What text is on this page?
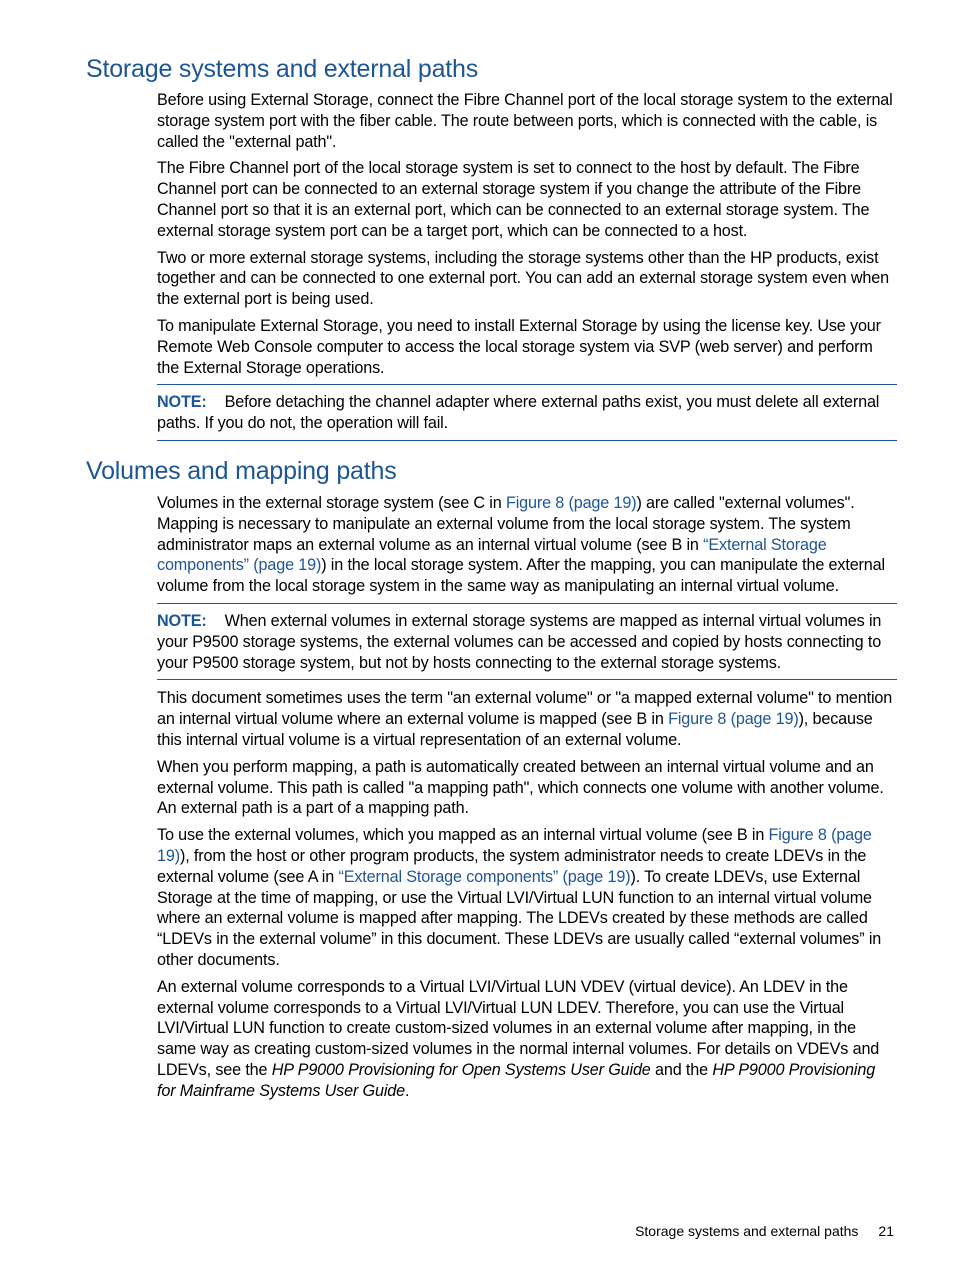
Storage systems and external paths

Before using External Storage, connect the Fibre Channel port of the local storage system to the external storage system port with the fiber cable. The route between ports, which is connected with the cable, is called the "external path".

The Fibre Channel port of the local storage system is set to connect to the host by default. The Fibre Channel port can be connected to an external storage system if you change the attribute of the Fibre Channel port so that it is an external port, which can be connected to an external storage system. The external storage system port can be a target port, which can be connected to a host.

Two or more external storage systems, including the storage systems other than the HP products, exist together and can be connected to one external port. You can add an external storage system even when the external port is being used.

To manipulate External Storage, you need to install External Storage by using the license key. Use your Remote Web Console computer to access the local storage system via SVP (web server) and perform the External Storage operations.

NOTE: Before detaching the channel adapter where external paths exist, you must delete all external paths. If you do not, the operation will fail.

Volumes and mapping paths

Volumes in the external storage system (see C in Figure 8 (page 19)) are called "external volumes". Mapping is necessary to manipulate an external volume from the local storage system. The system administrator maps an external volume as an internal virtual volume (see B in “External Storage components” (page 19)) in the local storage system. After the mapping, you can manipulate the external volume from the local storage system in the same way as manipulating an internal virtual volume.

NOTE: When external volumes in external storage systems are mapped as internal virtual volumes in your P9500 storage systems, the external volumes can be accessed and copied by hosts connecting to your P9500 storage system, but not by hosts connecting to the external storage systems.

This document sometimes uses the term "an external volume" or "a mapped external volume" to mention an internal virtual volume where an external volume is mapped (see B in Figure 8 (page 19)), because this internal virtual volume is a virtual representation of an external volume.

When you perform mapping, a path is automatically created between an internal virtual volume and an external volume. This path is called "a mapping path", which connects one volume with another volume. An external path is a part of a mapping path.

To use the external volumes, which you mapped as an internal virtual volume (see B in Figure 8 (page 19)), from the host or other program products, the system administrator needs to create LDEVs in the external volume (see A in “External Storage components” (page 19)). To create LDEVs, use External Storage at the time of mapping, or use the Virtual LVI/Virtual LUN function to an internal virtual volume where an external volume is mapped after mapping. The LDEVs created by these methods are called “LDEVs in the external volume” in this document. These LDEVs are usually called “external volumes” in other documents.

An external volume corresponds to a Virtual LVI/Virtual LUN VDEV (virtual device). An LDEV in the external volume corresponds to a Virtual LVI/Virtual LUN LDEV. Therefore, you can use the Virtual LVI/Virtual LUN function to create custom-sized volumes in an external volume after mapping, in the same way as creating custom-sized volumes in the normal internal volumes. For details on VDEVs and LDEVs, see the HP P9000 Provisioning for Open Systems User Guide and the HP P9000 Provisioning for Mainframe Systems User Guide.

Storage systems and external paths 21
